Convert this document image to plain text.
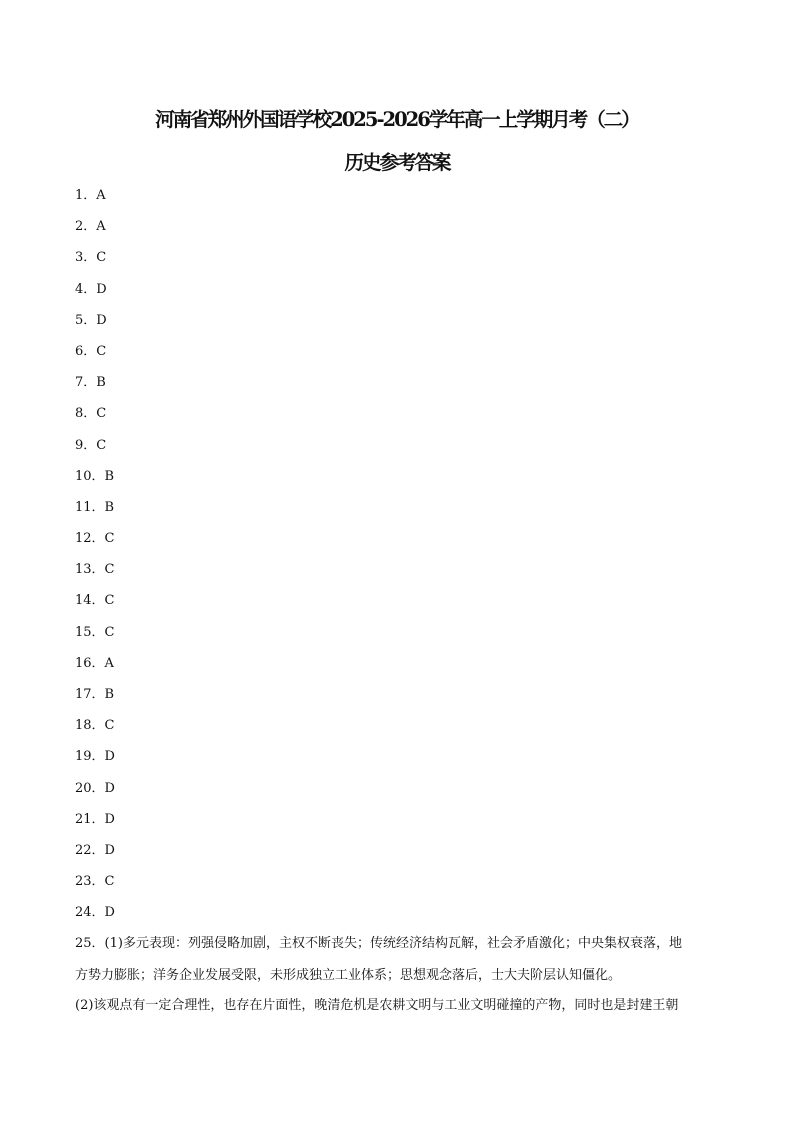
河南省郑州外国语学校2025-2026学年高一上学期月考（二）
历史参考答案
1．A
2．A
3．C
4．D
5．D
6．C
7．B
8．C
9．C
10．B
11．B
12．C
13．C
14．C
15．C
16．A
17．B
18．C
19．D
20．D
21．D
22．D
23．C
24．D
25．(1)多元表现：列强侵略加剧，主权不断丧失；传统经济结构瓦解，社会矛盾激化；中央集权衰落，地
方势力膨胀；洋务企业发展受限，未形成独立工业体系；思想观念落后，士大夫阶层认知僵化。
(2)该观点有一定合理性，也存在片面性，晚清危机是农耕文明与工业文明碰撞的产物，同时也是封建王朝
